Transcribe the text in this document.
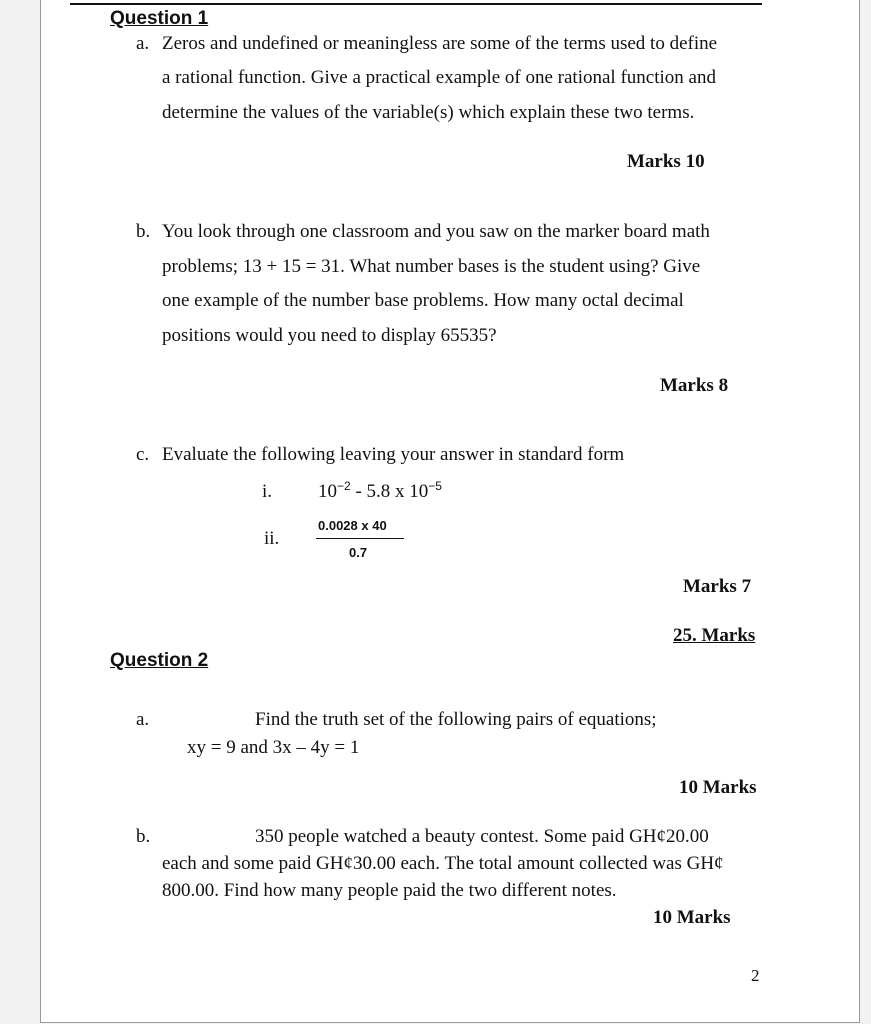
Question 1
a. Zeros and undefined or meaningless are some of the terms used to define
a rational function. Give a practical example of one rational function and
determine the values of the variable(s) which explain these two terms.
Marks 10
b. You look through one classroom and you saw on the marker board math
problems; 13 + 15 = 31. What number bases is the student using? Give
one example of the number base problems. How many octal decimal
positions would you need to display 65535?
Marks 8
c. Evaluate the following leaving your answer in standard form
i. $10^{-2} - 5.8$ x $10^{-5}$
ii.
0.0028 x 40
0.7
Marks 7
25. Marks
Question 2
a.	Find the truth set of the following pairs of equations;
xy = 9 and 3x – 4y = 1
10 Marks
b.	350 people watched a beauty contest. Some paid GH¢20.00
each and some paid GH¢30.00 each. The total amount collected was GH¢
800.00. Find how many people paid the two different notes.
10 Marks
2
